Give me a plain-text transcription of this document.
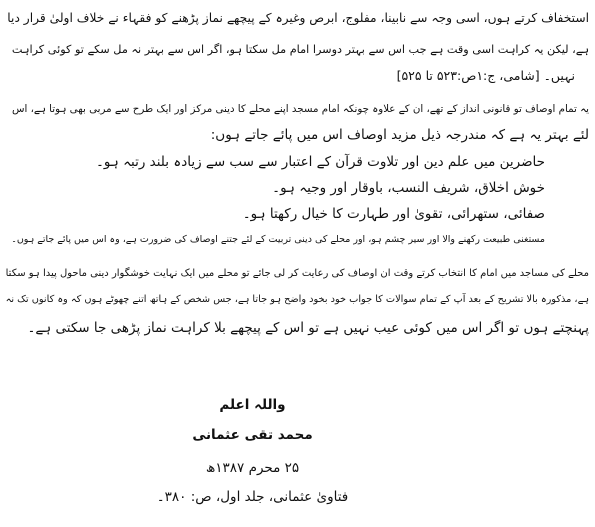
استخفاف کرتے ہوں، اسی وجہ سے نابینا، مفلوج، ابرص وغیرہ کے پیچھے نماز پڑھنے کو فقہاء نے خلاف اولیٰ قرار دیا
ہے، لیکن یہ کراہت اسی وقت ہے جب اس سے بہتر دوسرا امام مل سکتا ہو، اگر اس سے بہتر نہ مل سکے تو کوئی کراہت
نہیں۔ [شامی، ج:۱ص:۵۲۳ تا ۵۲۵]
یہ تمام اوصاف تو قانونی انداز کے تھے، ان کے علاوہ چونکہ امام مسجد اپنے محلے کا دینی مرکز اور ایک طرح سے مربی بھی ہوتا ہے، اس
لئے بہتر یہ ہے کہ مندرجہ ذیل مزید اوصاف اس میں پائے جاتے ہوں:
حاضرین میں علم دین اور تلاوت قرآن کے اعتبار سے سب سے زیادہ بلند رتبہ ہو۔
خوش اخلاق، شریف النسب، باوقار اور وجیہ ہو۔
صفائی، ستھرائی، تقویٰ اور طہارت کا خیال رکھتا ہو۔
مستغنی طبیعت رکھنے والا اور سیر چشم ہو، اور محلے کی دینی تربیت کے لئے جتنے اوصاف کی ضرورت ہے، وہ اس میں پائے جاتے ہوں۔
محلے کی مساجد میں امام کا انتخاب کرتے وقت ان اوصاف کی رعایت کر لی جائے تو محلے میں ایک نہایت خوشگوار دینی ماحول پیدا ہو سکتا
ہے، مذکورہ بالا تشریح کے بعد آپ کے تمام سوالات کا جواب خود بخود واضح ہو جاتا ہے، جس شخص کے ہاتھ اتنے چھوٹے ہوں کہ وہ کانوں تک نہ
پہنچتے ہوں تو اگر اس میں کوئی عیب نہیں ہے تو اس کے پیچھے بلا کراہت نماز پڑھی جا سکتی ہے۔
واللہ اعلم
محمد تقی عثمانی
۲۵ محرم ۱۳۸۷ھ
فتاویٰ عثمانی، جلد اول، ص: ۳۸۰۔
